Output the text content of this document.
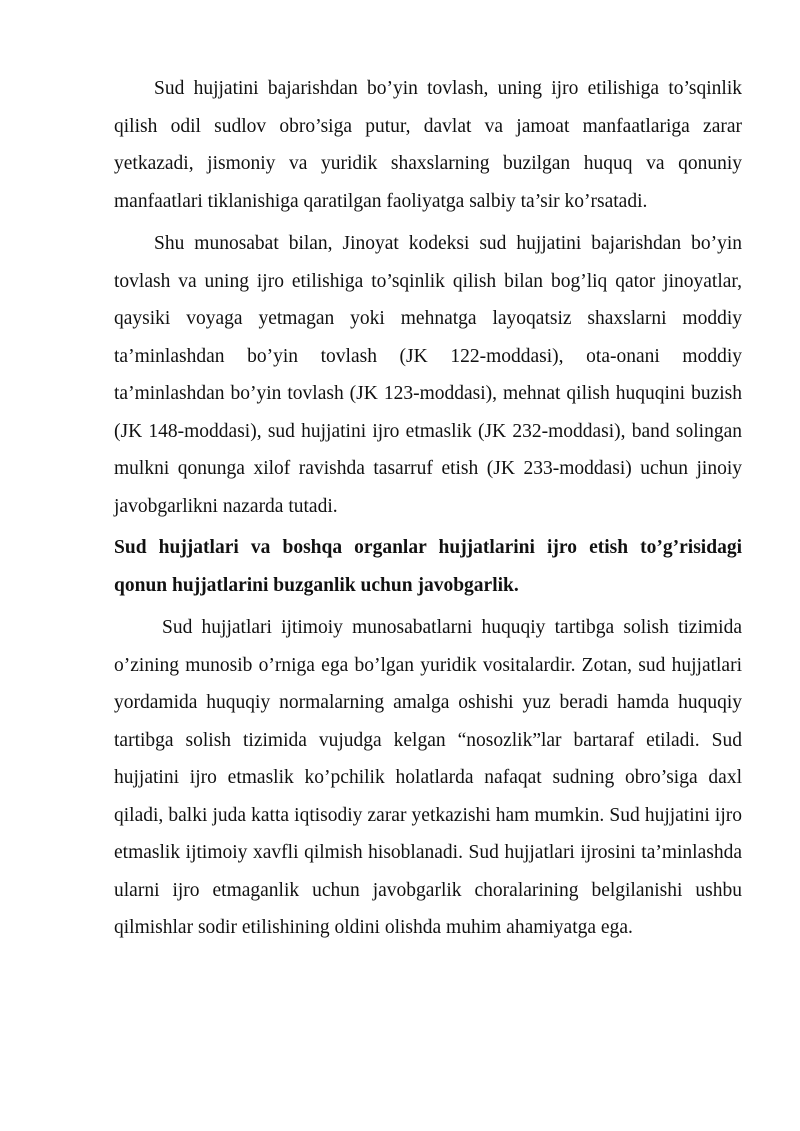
Sud hujjatini bajarishdan bo’yin tovlash, uning ijro etilishiga to’sqinlik qilish odil sudlov obro’siga putur, davlat va jamoat manfaatlariga zarar yetkazadi, jismoniy va yuridik shaxslarning buzilgan huquq va qonuniy manfaatlari tiklanishiga qaratilgan faoliyatga salbiy ta’sir ko’rsatadi.

Shu munosabat bilan, Jinoyat kodeksi sud hujjatini bajarishdan bo’yin tovlash va uning ijro etilishiga to’sqinlik qilish bilan bog’liq qator jinoyatlar, qaysiki voyaga yetmagan yoki mehnatga layoqatsiz shaxslarni moddiy ta’minlashdan bo’yin tovlash (JK 122-moddasi), ota-onani moddiy ta’minlashdan bo’yin tovlash (JK 123-moddasi), mehnat qilish huquqini buzish (JK 148-moddasi), sud hujjatini ijro etmaslik (JK 232-moddasi), band solingan mulkni qonunga xilof ravishda tasarruf etish (JK 233-moddasi) uchun jinoiy javobgarlikni nazarda tutadi.

Sud hujjatlari va boshqa organlar hujjatlarini ijro etish to’g’risidagi qonun hujjatlarini buzganlik uchun javobgarlik.

Sud hujjatlari ijtimoiy munosabatlarni huquqiy tartibga solish tizimida o’zining munosib o’rniga ega bo’lgan yuridik vositalardir. Zotan, sud hujjatlari yordamida huquqiy normalarning amalga oshishi yuz beradi hamda huquqiy tartibga solish tizimida vujudga kelgan “nosozlik”lar bartaraf etiladi. Sud hujjatini ijro etmaslik ko’pchilik holatlarda nafaqat sudning obro’siga daxl qiladi, balki juda katta iqtisodiy zarar yetkazishi ham mumkin. Sud hujjatini ijro etmaslik ijtimoiy xavfli qilmish hisoblanadi. Sud hujjatlari ijrosini ta’minlashda ularni ijro etmaganlik uchun javobgarlik choralarining belgilanishi ushbu qilmishlar sodir etilishining oldini olishda muhim ahamiyatga ega.
